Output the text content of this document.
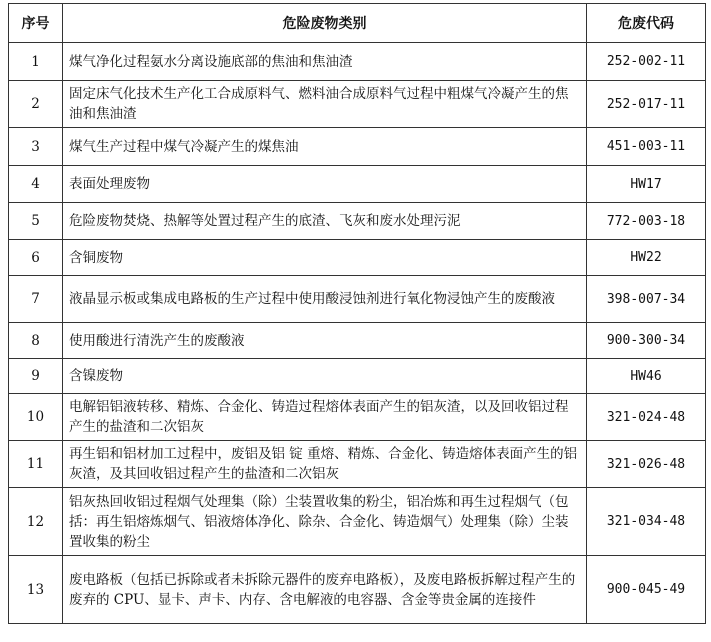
序号	危险废物类别	危废代码
1	煤气净化过程氨水分离设施底部的焦油和焦油渣	252-002-11
2	固定床气化技术生产化工合成原料气、燃料油合成原料气过程中粗煤气冷凝产生的焦油和焦油渣	252-017-11
3	煤气生产过程中煤气冷凝产生的煤焦油	451-003-11
4	表面处理废物	HW17
5	危险废物焚烧、热解等处置过程产生的底渣、飞灰和废水处理污泥	772-003-18
6	含铜废物	HW22
7	液晶显示板或集成电路板的生产过程中使用酸浸蚀剂进行氧化物浸蚀产生的废酸液	398-007-34
8	使用酸进行清洗产生的废酸液	900-300-34
9	含镍废物	HW46
10	电解铝铝液转移、精炼、合金化、铸造过程熔体表面产生的铝灰渣，以及回收铝过程产生的盐渣和二次铝灰	321-024-48
11	再生铝和铝材加工过程中，废铝及铝 锭 重熔、精炼、合金化、铸造熔体表面产生的铝灰渣，及其回收铝过程产生的盐渣和二次铝灰	321-026-48
12	铝灰热回收铝过程烟气处理集（除）尘装置收集的粉尘，铝冶炼和再生过程烟气（包括：再生铝熔炼烟气、铝液熔体净化、除杂、合金化、铸造烟气）处理集（除）尘装置收集的粉尘	321-034-48
13	废电路板（包括已拆除或者未拆除元器件的废弃电路板），及废电路板拆解过程产生的废弃的 CPU、显卡、声卡、内存、含电解液的电容器、含金等贵金属的连接件	900-045-49
